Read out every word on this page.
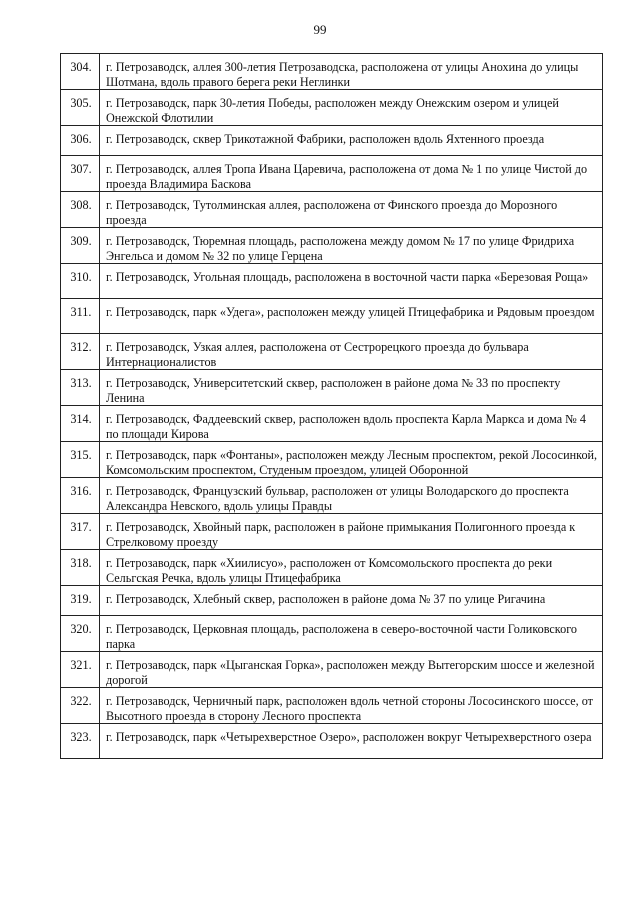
99
304.	г. Петрозаводск, аллея 300-летия Петрозаводска, расположена от улицы Анохина до улицы Шотмана, вдоль правого берега реки Неглинки
305.	г. Петрозаводск, парк 30-летия Победы, расположен между Онежским озером и улицей Онежской Флотилии
306.	г. Петрозаводск, сквер Трикотажной Фабрики, расположен вдоль Яхтенного проезда
307.	г. Петрозаводск, аллея Тропа Ивана Царевича, расположена от дома № 1 по улице Чистой до проезда Владимира Баскова
308.	г. Петрозаводск, Тутолминская аллея, расположена от Финского проезда до Морозного проезда
309.	г. Петрозаводск, Тюремная площадь, расположена между домом № 17 по улице Фридриха Энгельса и домом № 32 по улице Герцена
310.	г. Петрозаводск, Угольная площадь, расположена в восточной части парка «Березовая Роща»
311.	г. Петрозаводск, парк «Удега», расположен между улицей Птицефабрика и Рядовым проездом
312.	г. Петрозаводск, Узкая аллея, расположена от Сестрорецкого проезда до бульвара Интернационалистов
313.	г. Петрозаводск, Университетский сквер, расположен в районе дома № 33 по проспекту Ленина
314.	г. Петрозаводск, Фаддеевский сквер, расположен вдоль проспекта Карла Маркса и дома № 4 по площади Кирова
315.	г. Петрозаводск, парк «Фонтаны», расположен между Лесным проспектом, рекой Лососинкой, Комсомольским проспектом, Студеным проездом, улицей Оборонной
316.	г. Петрозаводск, Французский бульвар, расположен от улицы Володарского до проспекта Александра Невского, вдоль улицы Правды
317.	г. Петрозаводск, Хвойный парк, расположен в районе примыкания Полигонного проезда к Стрелковому проезду
318.	г. Петрозаводск, парк «Хиилисуо», расположен от Комсомольского проспекта до реки Сельгская Речка, вдоль улицы Птицефабрика
319.	г. Петрозаводск, Хлебный сквер, расположен в районе дома № 37 по улице Ригачина
320.	г. Петрозаводск, Церковная площадь, расположена в северо-восточной части Голиковского парка
321.	г. Петрозаводск, парк «Цыганская Горка», расположен между Вытегорским шоссе и железной дорогой
322.	г. Петрозаводск, Черничный парк, расположен вдоль четной стороны Лососинского шоссе, от Высотного проезда в сторону Лесного проспекта
323.	г. Петрозаводск, парк «Четырехверстное Озеро», расположен вокруг Четырехверстного озера
